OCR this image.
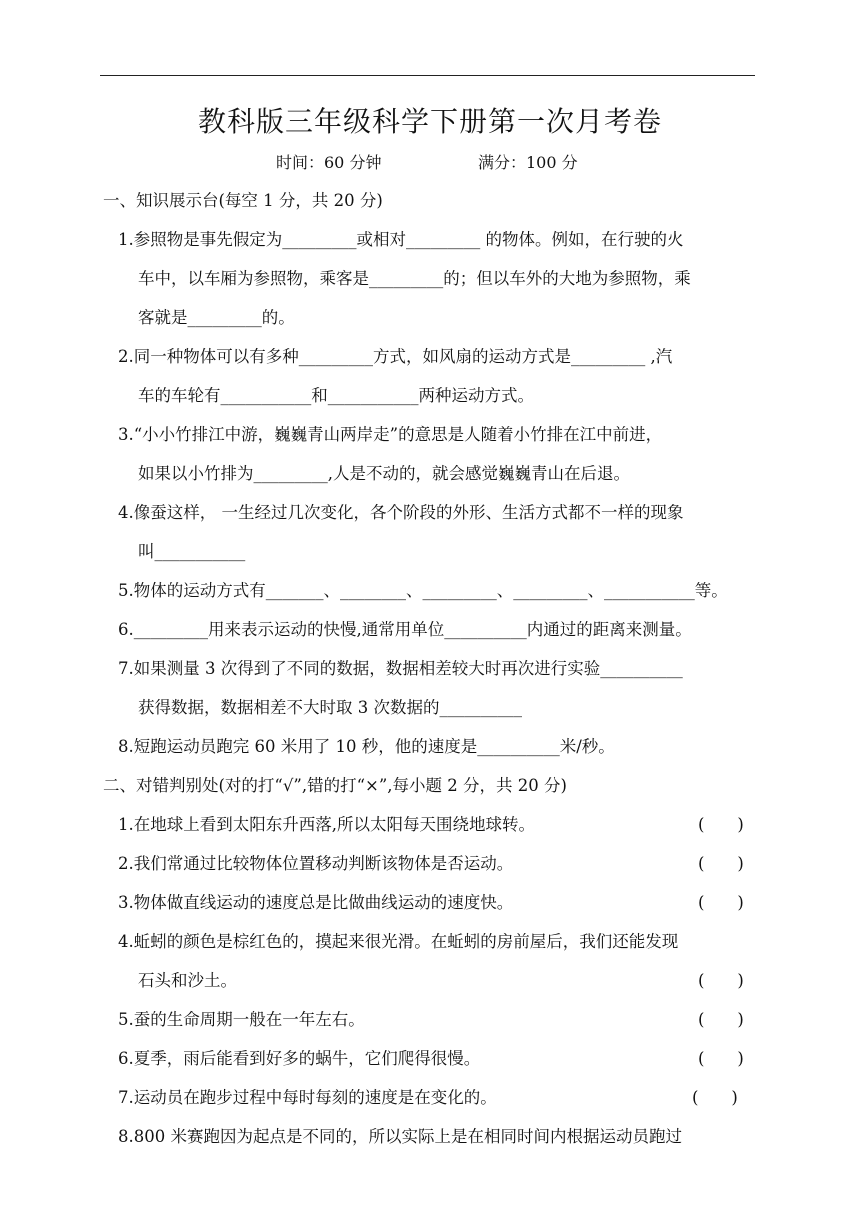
教科版三年级科学下册第一次月考卷
时间：60 分钟	满分：100 分
一、知识展示台(每空 1 分，共 20 分)
1.参照物是事先假定为_________或相对_________ 的物体。例如，在行驶的火
车中，以车厢为参照物，乘客是_________的；但以车外的大地为参照物，乘
客就是_________的。
2.同一种物体可以有多种_________方式，如风扇的运动方式是_________ ,汽
车的车轮有___________和___________两种运动方式。
3.“小小竹排江中游，巍巍青山两岸走”的意思是人随着小竹排在江中前进，
如果以小竹排为_________,人是不动的，就会感觉巍巍青山在后退。
4.像蚕这样， 一生经过几次变化，各个阶段的外形、生活方式都不一样的现象
叫___________
5.物体的运动方式有_______、________、_________、_________、___________等。
6._________用来表示运动的快慢,通常用单位__________内通过的距离来测量。
7.如果测量 3 次得到了不同的数据，数据相差较大时再次进行实验__________
获得数据，数据相差不大时取 3 次数据的__________
8.短跑运动员跑完 60 米用了 10 秒，他的速度是__________米/秒。
二、对错判别处(对的打“√”,错的打“×”,每小题 2 分，共 20 分)
1.在地球上看到太阳东升西落,所以太阳每天围绕地球转。	(　　)
2.我们常通过比较物体位置移动判断该物体是否运动。	(　　)
3.物体做直线运动的速度总是比做曲线运动的速度快。	(　　)
4.蚯蚓的颜色是棕红色的，摸起来很光滑。在蚯蚓的房前屋后，我们还能发现
石头和沙土。	(　　)
5.蚕的生命周期一般在一年左右。	(　　)
6.夏季，雨后能看到好多的蜗牛，它们爬得很慢。	(　　)
7.运动员在跑步过程中每时每刻的速度是在变化的。	(　　)
8.800 米赛跑因为起点是不同的，所以实际上是在相同时间内根据运动员跑过
